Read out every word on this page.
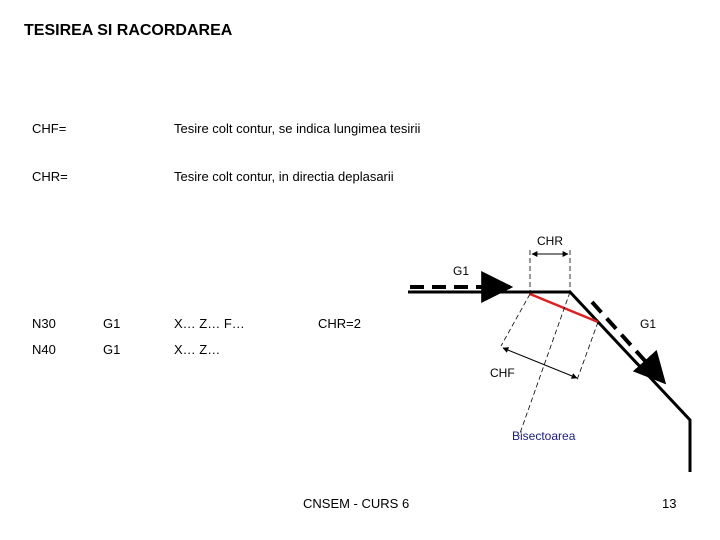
TESIREA SI RACORDAREA
CHF=	Tesire colt contur, se indica lungimea tesirii
CHR=	Tesire colt contur, in directia deplasarii
N30	G1	X… Z… F…	CHR=2
N40	G1	X… Z…
CHR
G1
G1
CHF
Bisectoarea
CNSEM - CURS 6	13
